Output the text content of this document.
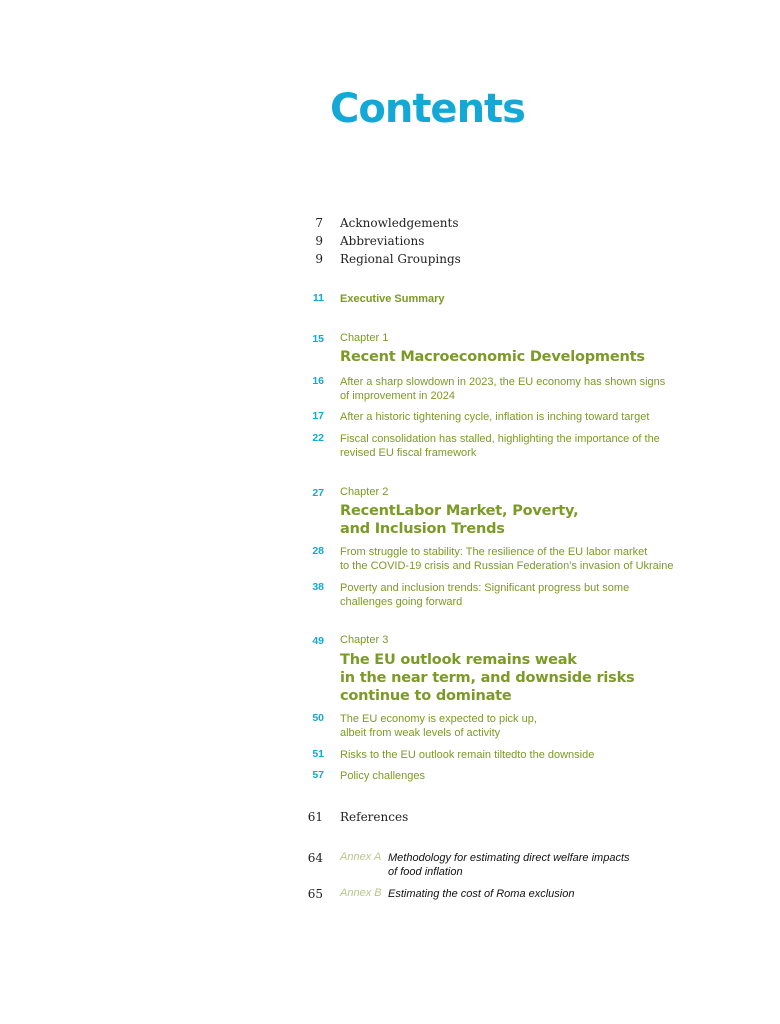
Contents
7 Acknowledgements
9 Abbreviations
9 Regional Groupings
11 Executive Summary
15 Chapter 1
Recent Macroeconomic Developments
16 After a sharp slowdown in 2023, the EU economy has shown signs
of improvement in 2024
17 After a historic tightening cycle, inflation is inching toward target
22 Fiscal consolidation has stalled, highlighting the importance of the
revised EU fiscal framework
27 Chapter 2
RecentLabor Market, Poverty,
and Inclusion Trends
28 From struggle to stability: The resilience of the EU labor market
to the COVID-19 crisis and Russian Federation's invasion of Ukraine
38 Poverty and inclusion trends: Significant progress but some
challenges going forward
49 Chapter 3
The EU outlook remains weak
in the near term, and downside risks
continue to dominate
50 The EU economy is expected to pick up,
albeit from weak levels of activity
51 Risks to the EU outlook remain tiltedto the downside
57 Policy challenges
61 References
64 Annex A Methodology for estimating direct welfare impacts
of food inflation
65 Annex B Estimating the cost of Roma exclusion
